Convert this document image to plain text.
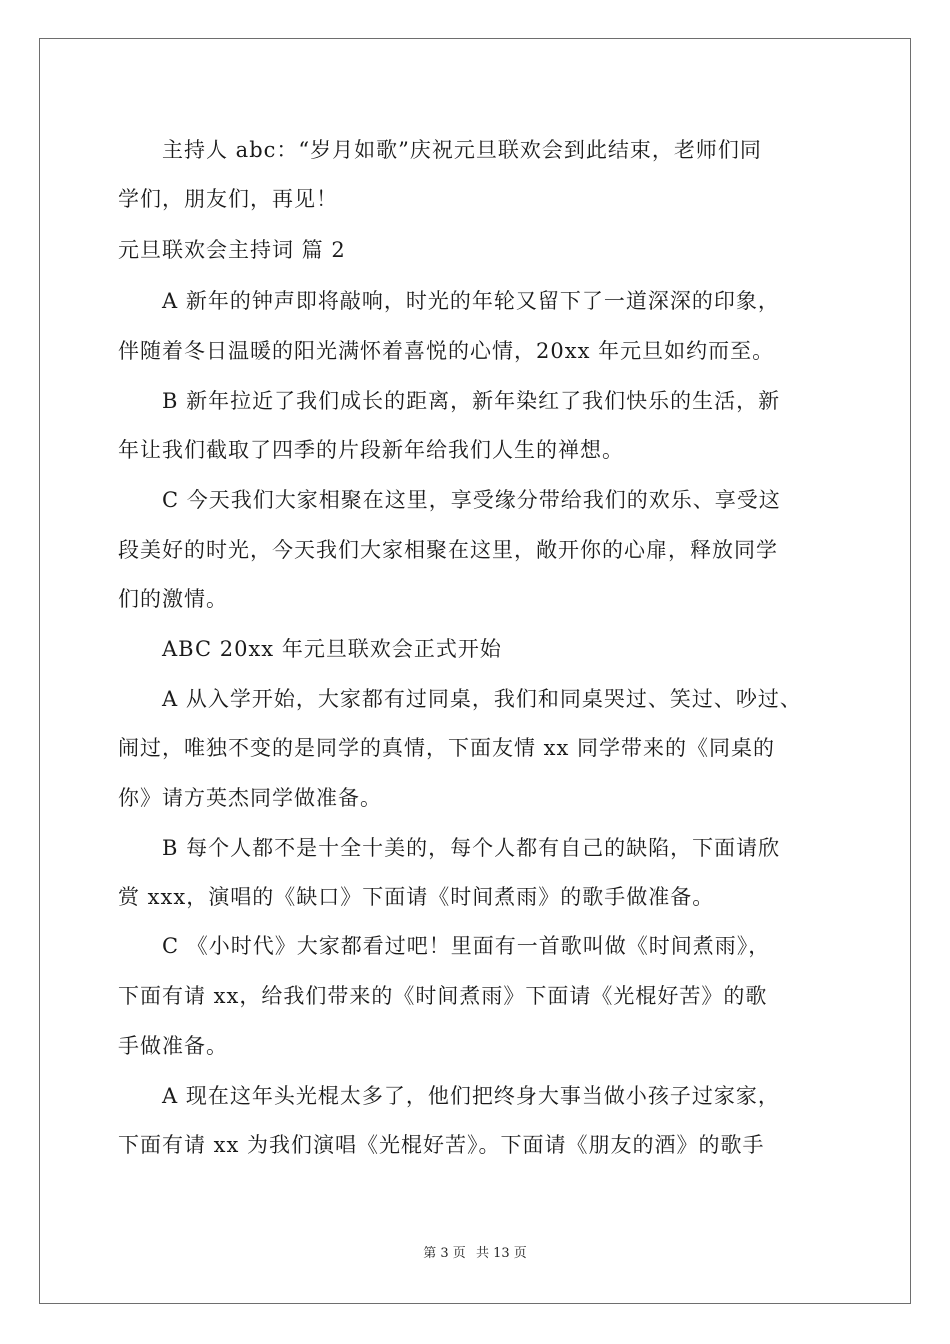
主持人 abc：“岁月如歌”庆祝元旦联欢会到此结束，老师们同
学们，朋友们，再见！
元旦联欢会主持词 篇 2
A 新年的钟声即将敲响，时光的年轮又留下了一道深深的印象，
伴随着冬日温暖的阳光满怀着喜悦的心情，20xx 年元旦如约而至。
B 新年拉近了我们成长的距离，新年染红了我们快乐的生活，新
年让我们截取了四季的片段新年给我们人生的禅想。
C 今天我们大家相聚在这里，享受缘分带给我们的欢乐、享受这
段美好的时光，今天我们大家相聚在这里，敞开你的心扉，释放同学
们的激情。
ABC 20xx 年元旦联欢会正式开始
A 从入学开始，大家都有过同桌，我们和同桌哭过、笑过、吵过、
闹过，唯独不变的是同学的真情，下面友情 xx 同学带来的《同桌的
你》请方英杰同学做准备。
B 每个人都不是十全十美的，每个人都有自己的缺陷，下面请欣
赏 xxx，演唱的《缺口》下面请《时间煮雨》的歌手做准备。
C 《小时代》大家都看过吧！里面有一首歌叫做《时间煮雨》，
下面有请 xx，给我们带来的《时间煮雨》下面请《光棍好苦》的歌
手做准备。
A 现在这年头光棍太多了，他们把终身大事当做小孩子过家家，
下面有请 xx 为我们演唱《光棍好苦》。下面请《朋友的酒》的歌手
第 3 页 共 13 页
